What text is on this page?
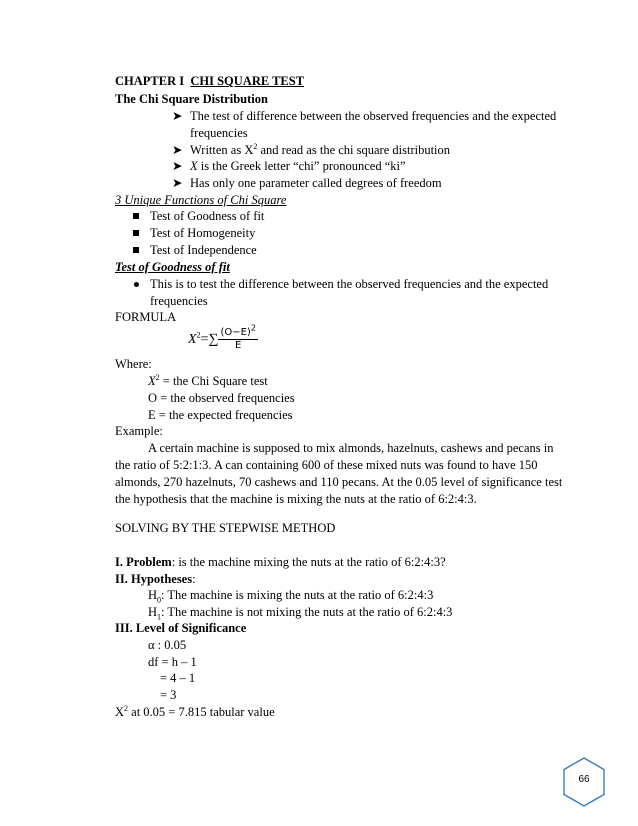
CHAPTER I CHI SQUARE TEST
The Chi Square Distribution
➤ The test of difference between the observed frequencies and the expected
frequencies
➤ Written as $X^2$ and read as the chi square distribution
➤ X is the Greek letter “chi” pronounced “ki”
➤ Has only one parameter called degrees of freedom
3 Unique Functions of Chi Square
Test of Goodness of fit
Test of Homogeneity
Test of Independence
Test of Goodness of fit
This is to test the difference between the observed frequencies and the expected
frequencies
FORMULA
$X^2=\sum \frac{(O-E)^2}{E}$
Where:
$X^2$ = the Chi Square test
O = the observed frequencies
E = the expected frequencies
Example:
A certain machine is supposed to mix almonds, hazelnuts, cashews and pecans in
the ratio of 5:2:1:3. A can containing 600 of these mixed nuts was found to have 150
almonds, 270 hazelnuts, 70 cashews and 110 pecans. At the 0.05 level of significance test
the hypothesis that the machine is mixing the nuts at the ratio of 6:2:4:3.
SOLVING BY THE STEPWISE METHOD
I. Problem: is the machine mixing the nuts at the ratio of 6:2:4:3?
II. Hypotheses:
$H_0$: The machine is mixing the nuts at the ratio of 6:2:4:3
$H_1$: The machine is not mixing the nuts at the ratio of 6:2:4:3
III. Level of Significance
α : 0.05
df = h – 1
= 4 – 1
= 3
$X^2$ at 0.05 = 7.815 tabular value
66
